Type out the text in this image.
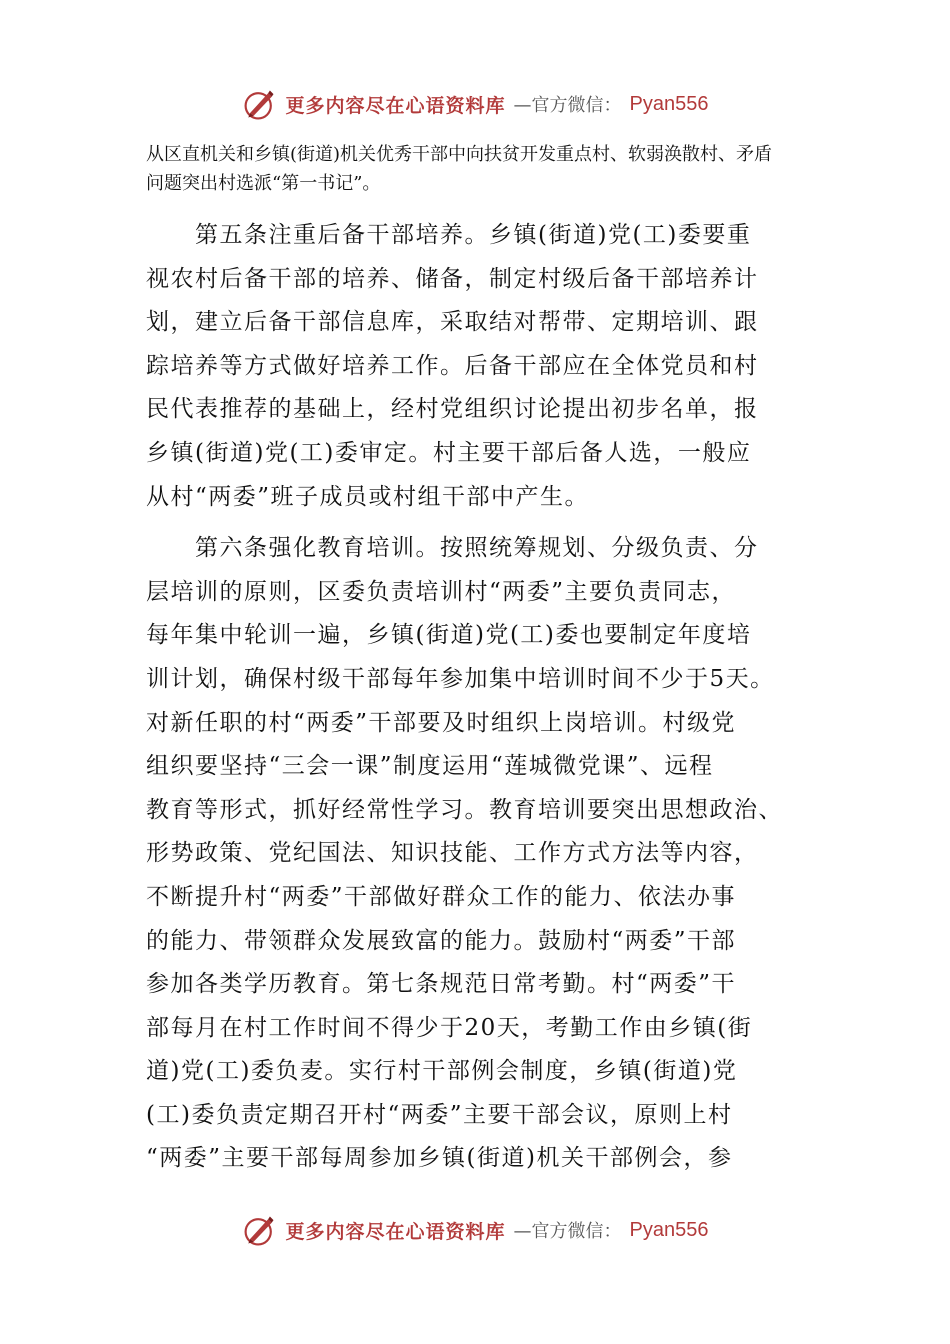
更多内容尽在心语资料库 —官方微信： Pyan556

从区直机关和乡镇(街道)机关优秀干部中向扶贫开发重点村、软弱涣散村、矛盾

问题突出村选派“第一书记”。

　　第五条注重后备干部培养。乡镇(街道)党(工)委要重
视农村后备干部的培养、储备，制定村级后备干部培养计
划，建立后备干部信息库，采取结对帮带、定期培训、跟
踪培养等方式做好培养工作。后备干部应在全体党员和村
民代表推荐的基础上，经村党组织讨论提出初步名单，报
乡镇(街道)党(工)委审定。村主要干部后备人选，一般应
从村“两委”班子成员或村组干部中产生。
　　第六条强化教育培训。按照统筹规划、分级负责、分
层培训的原则，区委负责培训村“两委”主要负责同志，
每年集中轮训一遍，乡镇(街道)党(工)委也要制定年度培
训计划，确保村级干部每年参加集中培训时间不少于5天。
对新任职的村“两委”干部要及时组织上岗培训。村级党
组织要坚持“三会一课”制度运用“莲城微党课”、远程
教育等形式，抓好经常性学习。教育培训要突出思想政治、
形势政策、党纪国法、知识技能、工作方式方法等内容，
不断提升村“两委”干部做好群众工作的能力、依法办事
的能力、带领群众发展致富的能力。鼓励村“两委”干部
参加各类学历教育。第七条规范日常考勤。村“两委”干
部每月在村工作时间不得少于20天，考勤工作由乡镇(街
道)党(工)委负麦。实行村干部例会制度，乡镇(街道)党
(工)委负责定期召开村“两委”主要干部会议，原则上村
“两委”主要干部每周参加乡镇(街道)机关干部例会，参
更多内容尽在心语资料库 —官方微信： Pyan556
